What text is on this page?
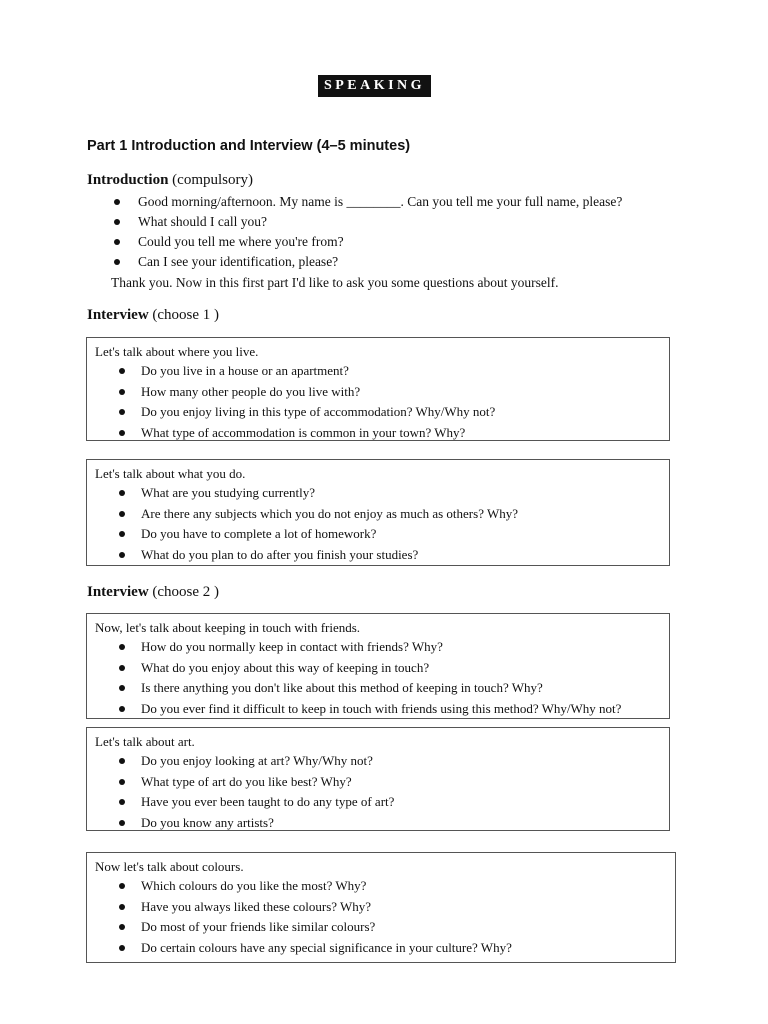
SPEAKING
Part 1 Introduction and Interview (4–5 minutes)
Introduction (compulsory)
Good morning/afternoon. My name is ________. Can you tell me your full name, please?
What should I call you?
Could you tell me where you're from?
Can I see your identification, please?
Thank you. Now in this first part I'd like to ask you some questions about yourself.
Interview (choose 1 )
Let's talk about where you live.
Do you live in a house or an apartment?
How many other people do you live with?
Do you enjoy living in this type of accommodation? Why/Why not?
What type of accommodation is common in your town? Why?
Let's talk about what you do.
What are you studying currently?
Are there any subjects which you do not enjoy as much as others? Why?
Do you have to complete a lot of homework?
What do you plan to do after you finish your studies?
Interview (choose 2 )
Now, let's talk about keeping in touch with friends.
How do you normally keep in contact with friends? Why?
What do you enjoy about this way of keeping in touch?
Is there anything you don't like about this method of keeping in touch? Why?
Do you ever find it difficult to keep in touch with friends using this method? Why/Why not?
Let's talk about art.
Do you enjoy looking at art? Why/Why not?
What type of art do you like best? Why?
Have you ever been taught to do any type of art?
Do you know any artists?
Now let's talk about colours.
Which colours do you like the most? Why?
Have you always liked these colours? Why?
Do most of your friends like similar colours?
Do certain colours have any special significance in your culture? Why?
